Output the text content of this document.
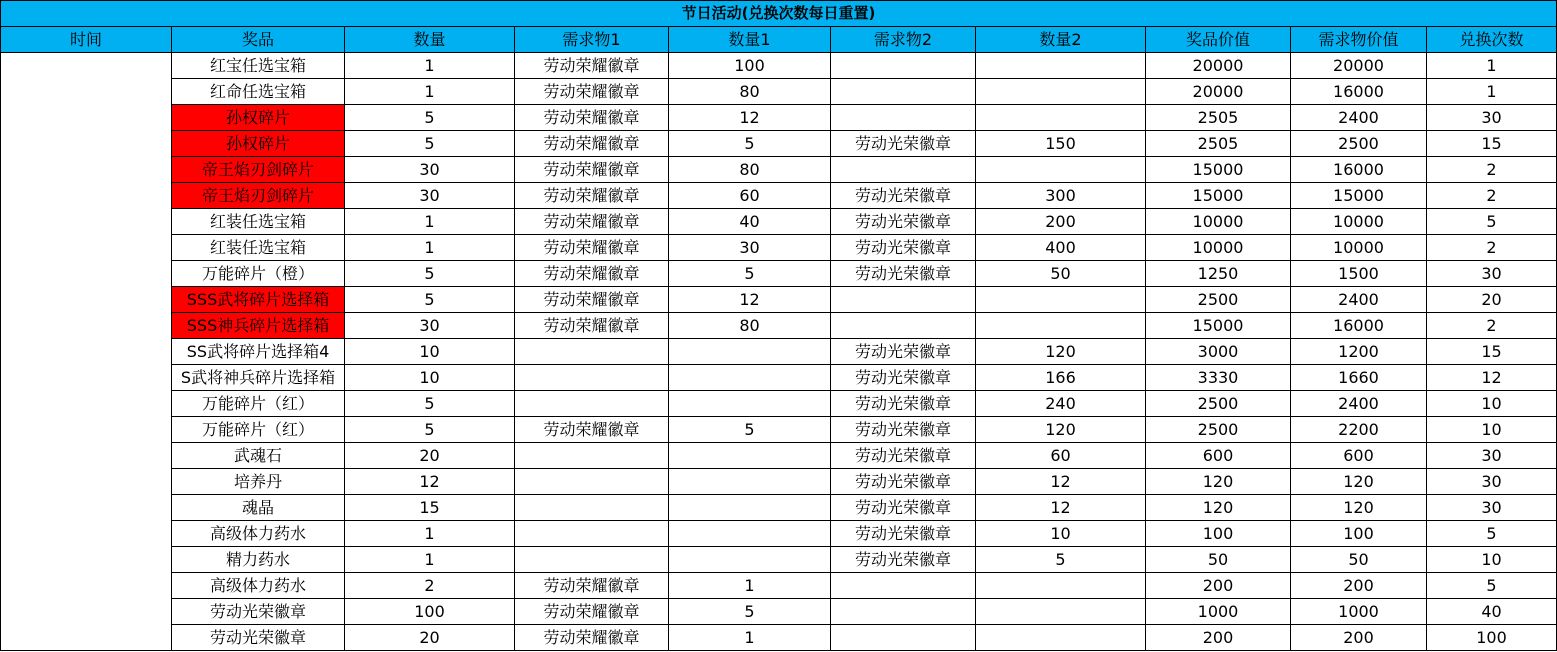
节日活动(兑换次数每日重置)									
时间	奖品	数量	需求物1	数量1	需求物2	数量2	奖品价值	需求物价值	兑换次数
	红宝任选宝箱	1	劳动荣耀徽章	100			20000	20000	1
	红命任选宝箱	1	劳动荣耀徽章	80			20000	16000	1
	孙权碎片	5	劳动荣耀徽章	12			2505	2400	30
	孙权碎片	5	劳动荣耀徽章	5	劳动光荣徽章	150	2505	2500	15
	帝王焰刃剑碎片	30	劳动荣耀徽章	80			15000	16000	2
	帝王焰刃剑碎片	30	劳动荣耀徽章	60	劳动光荣徽章	300	15000	15000	2
	红装任选宝箱	1	劳动荣耀徽章	40	劳动光荣徽章	200	10000	10000	5
	红装任选宝箱	1	劳动荣耀徽章	30	劳动光荣徽章	400	10000	10000	2
	万能碎片（橙）	5	劳动荣耀徽章	5	劳动光荣徽章	50	1250	1500	30
	SSS武将碎片选择箱	5	劳动荣耀徽章	12			2500	2400	20
	SSS神兵碎片选择箱	30	劳动荣耀徽章	80			15000	16000	2
	SS武将碎片选择箱4	10			劳动光荣徽章	120	3000	1200	15
	S武将神兵碎片选择箱	10			劳动光荣徽章	166	3330	1660	12
	万能碎片（红）	5			劳动光荣徽章	240	2500	2400	10
	万能碎片（红）	5	劳动荣耀徽章	5	劳动光荣徽章	120	2500	2200	10
	武魂石	20			劳动光荣徽章	60	600	600	30
	培养丹	12			劳动光荣徽章	12	120	120	30
	魂晶	15			劳动光荣徽章	12	120	120	30
	高级体力药水	1			劳动光荣徽章	10	100	100	5
	精力药水	1			劳动光荣徽章	5	50	50	10
	高级体力药水	2	劳动荣耀徽章	1			200	200	5
	劳动光荣徽章	100	劳动荣耀徽章	5			1000	1000	40
	劳动光荣徽章	20	劳动荣耀徽章	1			200	200	100
